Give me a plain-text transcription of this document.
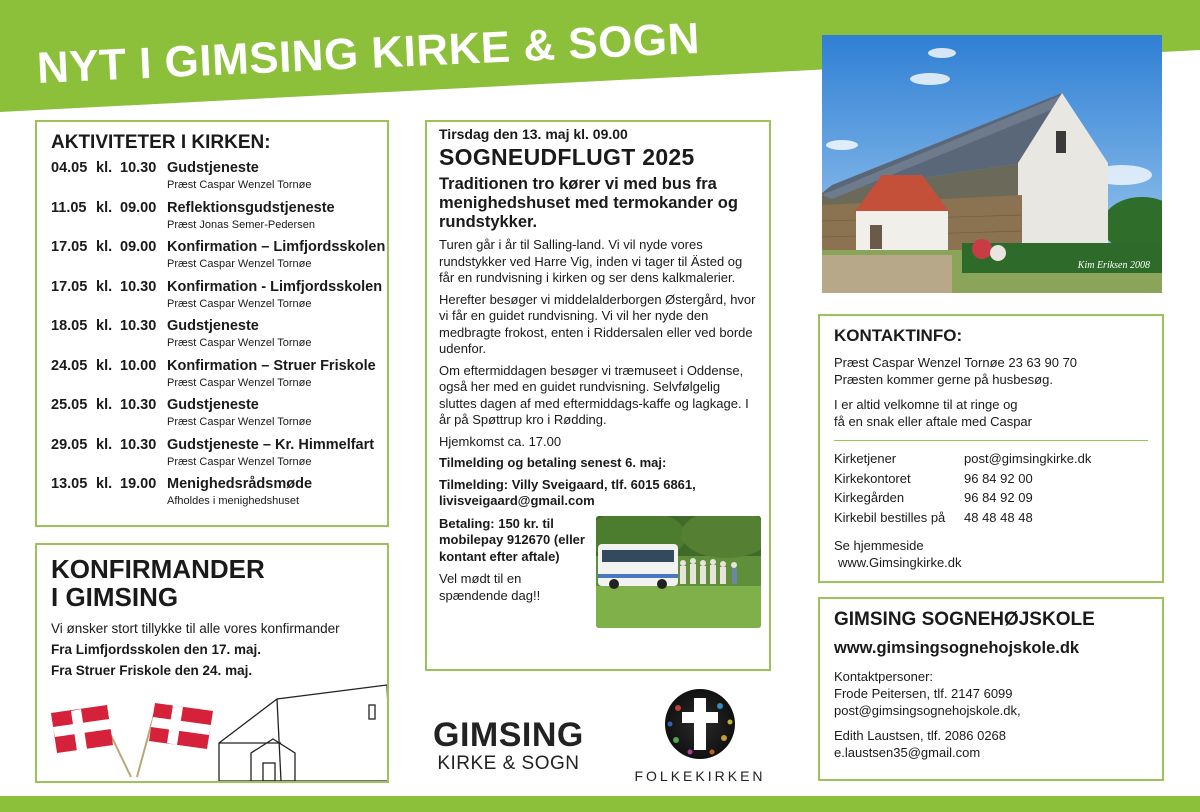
NYT I GIMSING KIRKE & SOGN
AKTIVITETER I KIRKEN:
04.05 kl. 10.30 Gudstjeneste
Præst Caspar Wenzel Tornøe
11.05 kl. 09.00 Reflektionsgudstjeneste
Præst Jonas Semer-Pedersen
17.05 kl. 09.00 Konfirmation – Limfjordsskolen
Præst Caspar Wenzel Tornøe
17.05 kl. 10.30 Konfirmation - Limfjordsskolen
Præst Caspar Wenzel Tornøe
18.05 kl. 10.30 Gudstjeneste
Præst Caspar Wenzel Tornøe
24.05 kl. 10.00 Konfirmation – Struer Friskole
Præst Caspar Wenzel Tornøe
25.05 kl. 10.30 Gudstjeneste
Præst Caspar Wenzel Tornøe
29.05 kl. 10.30 Gudstjeneste – Kr. Himmelfart
Præst Caspar Wenzel Tornøe
13.05 kl. 19.00 Menighedsrådsmøde
Afholdes i menighedshuset
KONFIRMANDER
I GIMSING

Vi ønsker stort tillykke til alle vores konfirmander

Fra Limfjordsskolen den 17. maj.
Fra Struer Friskole den 24. maj.
Tirsdag den 13. maj kl. 09.00
SOGNEUDFLUGT 2025
Traditionen tro kører vi med bus fra menighedshuset med termokander og rundstykker.

Turen går i år til Salling-land. Vi vil nyde vores rundstykker ved Harre Vig, inden vi tager til Ästed og får en rundvisning i kirken og ser dens kalkmalerier.

Herefter besøger vi middelalderborgen Østergård, hvor vi får en guidet rundvisning. Vi vil her nyde den medbragte frokost, enten i Riddersalen eller ved borde udenfor.

Om eftermiddagen besøger vi træmuseet i Oddense, også her med en guidet rundvisning. Selvfølgelig sluttes dagen af med eftermiddags-kaffe og lagkage. I år på Spøttrup kro i Rødding.

Hjemkomst ca. 17.00

Tilmelding og betaling senest 6. maj:

Tilmelding: Villy Sveigaard, tlf. 6015 6861, livisveigaard@gmail.com

Betaling: 150 kr. til mobilepay 912670 (eller kontant efter aftale)
Vel mødt til en spændende dag!!
Kim Eriksen 2008
KONTAKTINFO:

Præst Caspar Wenzel Tornøe 23 63 90 70

Præsten kommer gerne på husbesøg.

I er altid velkomne til at ringe og

få en snak eller aftale med Caspar

Kirketjener	post@gimsingkirke.dk
Kirkekontoret	96 84 92 00
Kirkegården	96 84 92 09
Kirkebil bestilles på 48 48 48 48

Se hjemmeside

www.Gimsingkirke.dk

GIMSING SOGNEHØJSKOLE
www.gimsingsognehojskole.dk

Kontaktpersoner:

Frode Peitersen, tlf. 2147 6099

post@gimsingsognehojskole.dk,

Edith Laustsen, tlf. 2086 0268

e.laustsen35@gmail.com

GIMSING
KIRKE & SOGN
FOLKEKIRKEN
